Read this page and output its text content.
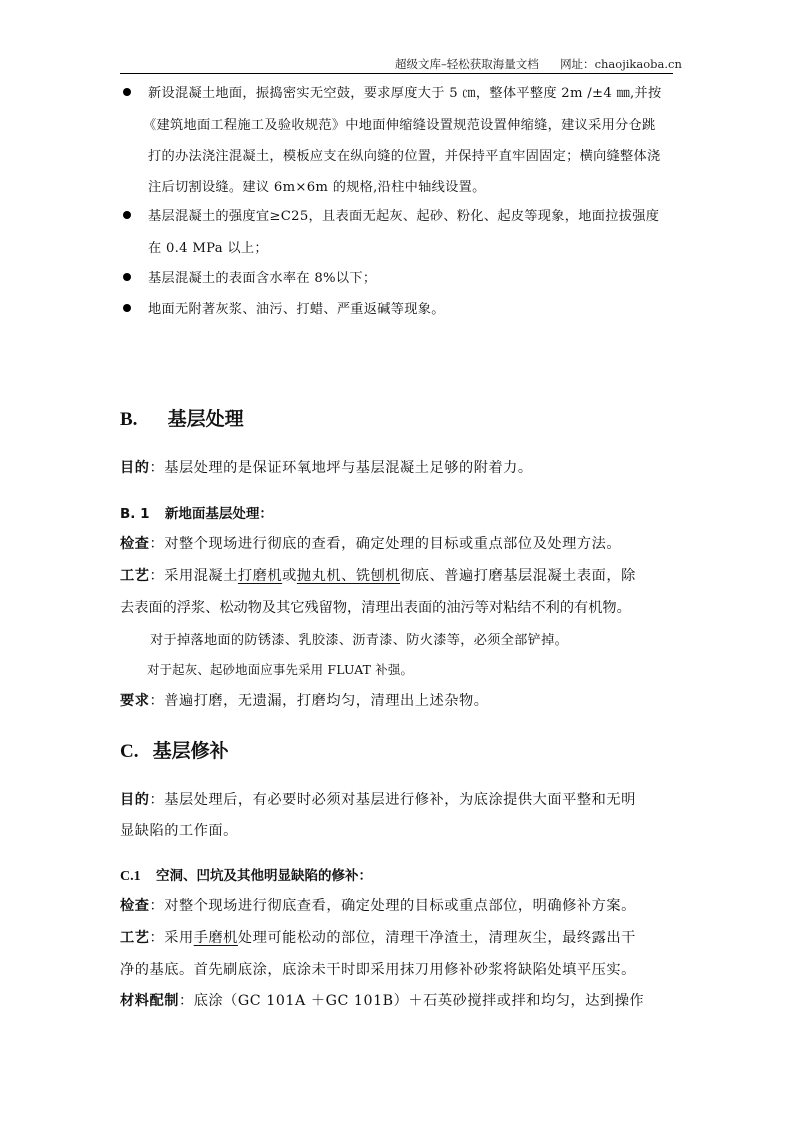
超级文库–轻松获取海量文档 网址：chaojikaoba.cn
新设混凝土地面，振捣密实无空鼓，要求厚度大于 5 ㎝，整体平整度 2m /±4 ㎜,并按
《建筑地面工程施工及验收规范》中地面伸缩缝设置规范设置伸缩缝，建议采用分仓跳
打的办法浇注混凝土，模板应支在纵向缝的位置，并保持平直牢固固定；横向缝整体浇
注后切割设缝。建议 6m×6m 的规格,沿柱中轴线设置。
基层混凝土的强度宜≥C25，且表面无起灰、起砂、粉化、起皮等现象，地面拉拔强度
在 0.4 MPa 以上；
基层混凝土的表面含水率在 8%以下；
地面无附著灰浆、油污、打蜡、严重返碱等现象。
B. 基层处理
目的：基层处理的是保证环氧地坪与基层混凝土足够的附着力。
B. 1 新地面基层处理：
检查：对整个现场进行彻底的查看，确定处理的目标或重点部位及处理方法。
工艺：采用混凝土打磨机或抛丸机、铣刨机彻底、普遍打磨基层混凝土表面，除
去表面的浮浆、松动物及其它残留物，清理出表面的油污等对粘结不利的有机物。
对于掉落地面的防锈漆、乳胶漆、沥青漆、防火漆等，必须全部铲掉。
对于起灰、起砂地面应事先采用 FLUAT 补强。
要求：普遍打磨，无遗漏，打磨均匀，清理出上述杂物。
C. 基层修补
目的：基层处理后，有必要时必须对基层进行修补，为底涂提供大面平整和无明
显缺陷的工作面。
C.1 空洞、凹坑及其他明显缺陷的修补：
检查：对整个现场进行彻底查看，确定处理的目标或重点部位，明确修补方案。
工艺：采用手磨机处理可能松动的部位，清理干净渣土，清理灰尘，最终露出干
净的基底。首先刷底涂，底涂未干时即采用抹刀用修补砂浆将缺陷处填平压实。
材料配制：底涂（GC 101A ＋GC 101B）＋石英砂搅拌或拌和均匀，达到操作
